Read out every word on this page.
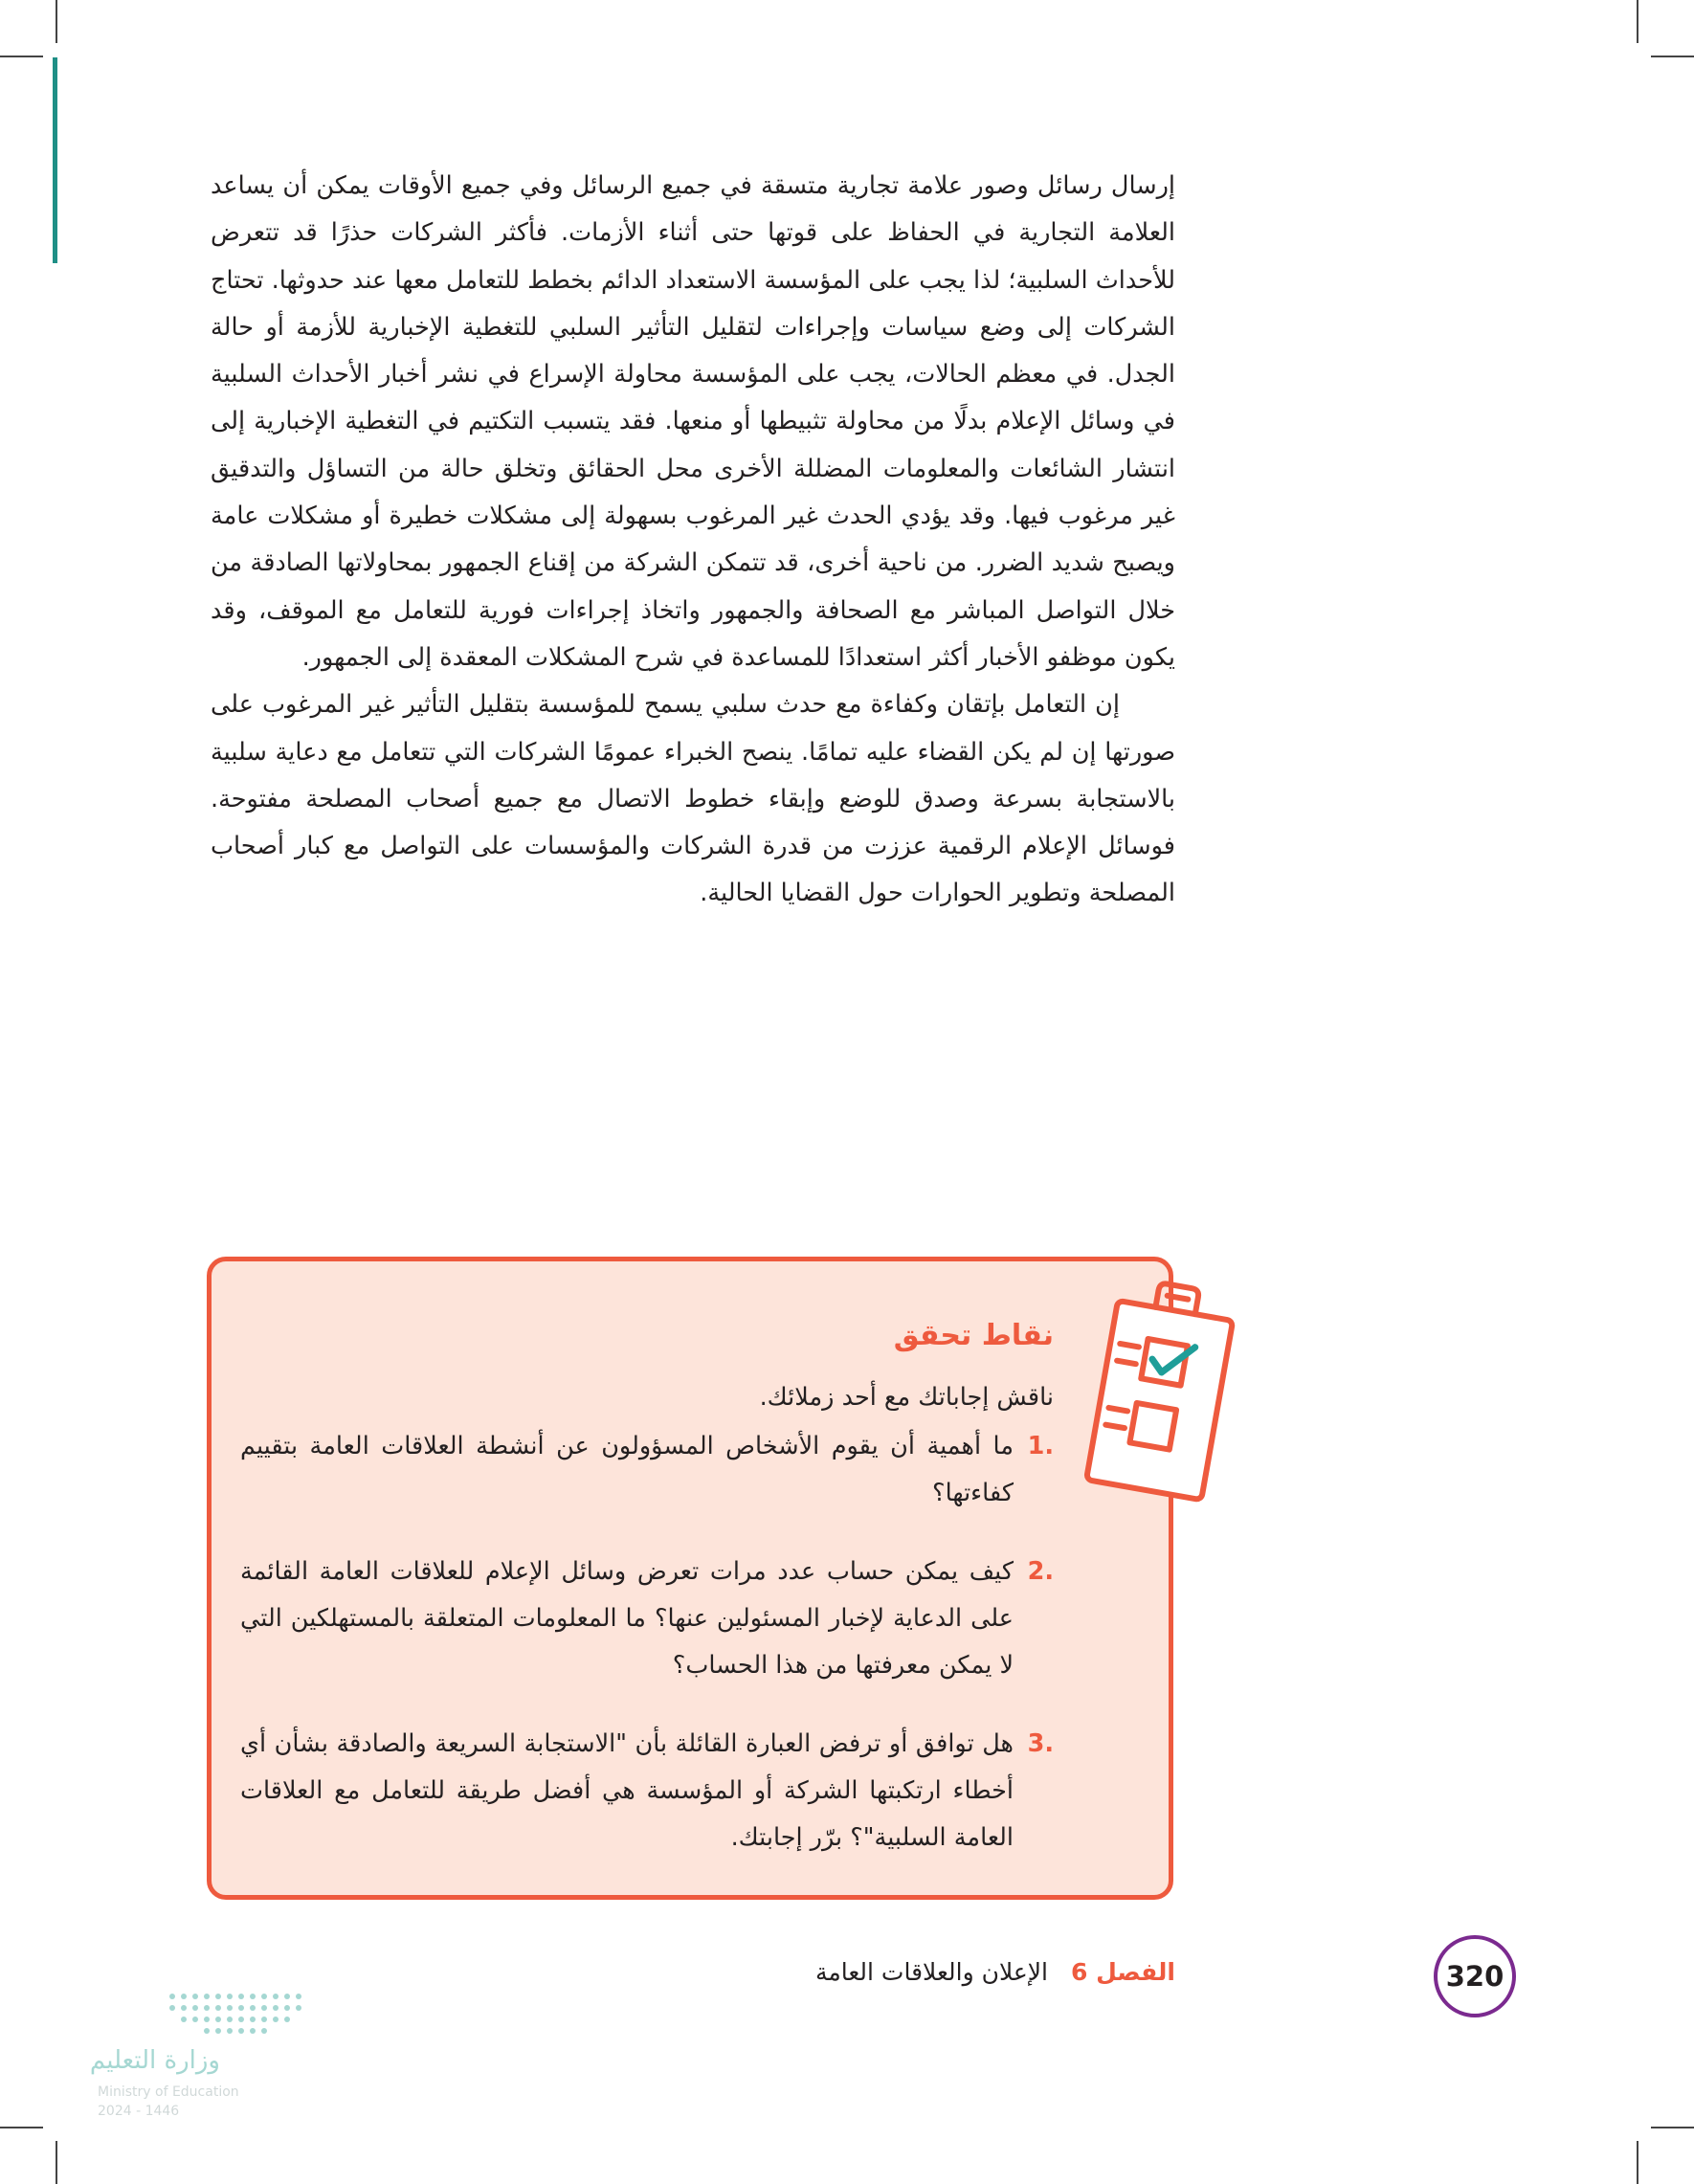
إرسال رسائل وصور علامة تجارية متسقة في جميع الرسائل وفي جميع الأوقات يمكن أن يساعد العلامة التجارية في الحفاظ على قوتها حتى أثناء الأزمات. فأكثر الشركات حذرًا قد تتعرض للأحداث السلبية؛ لذا يجب على المؤسسة الاستعداد الدائم بخطط للتعامل معها عند حدوثها. تحتاج الشركات إلى وضع سياسات وإجراءات لتقليل التأثير السلبي للتغطية الإخبارية للأزمة أو حالة الجدل. في معظم الحالات، يجب على المؤسسة محاولة الإسراع في نشر أخبار الأحداث السلبية في وسائل الإعلام بدلًا من محاولة تثبيطها أو منعها. فقد يتسبب التكتيم في التغطية الإخبارية إلى انتشار الشائعات والمعلومات المضللة الأخرى محل الحقائق وتخلق حالة من التساؤل والتدقيق غير مرغوب فيها. وقد يؤدي الحدث غير المرغوب بسهولة إلى مشكلات خطيرة أو مشكلات عامة ويصبح شديد الضرر. من ناحية أخرى، قد تتمكن الشركة من إقناع الجمهور بمحاولاتها الصادقة من خلال التواصل المباشر مع الصحافة والجمهور واتخاذ إجراءات فورية للتعامل مع الموقف، وقد يكون موظفو الأخبار أكثر استعدادًا للمساعدة في شرح المشكلات المعقدة إلى الجمهور.

إن التعامل بإتقان وكفاءة مع حدث سلبي يسمح للمؤسسة بتقليل التأثير غير المرغوب على صورتها إن لم يكن القضاء عليه تمامًا. ينصح الخبراء عمومًا الشركات التي تتعامل مع دعاية سلبية بالاستجابة بسرعة وصدق للوضع وإبقاء خطوط الاتصال مع جميع أصحاب المصلحة مفتوحة. فوسائل الإعلام الرقمية عززت من قدرة الشركات والمؤسسات على التواصل مع كبار أصحاب المصلحة وتطوير الحوارات حول القضايا الحالية.

نقاط تحقق
ناقش إجاباتك مع أحد زملائك.
.1
ما أهمية أن يقوم الأشخاص المسؤولون عن أنشطة العلاقات العامة بتقييم كفاءتها؟
.2
كيف يمكن حساب عدد مرات تعرض وسائل الإعلام للعلاقات العامة القائمة على الدعاية لإخبار المسئولين عنها؟ ما المعلومات المتعلقة بالمستهلكين التي لا يمكن معرفتها من هذا الحساب؟
.3
هل توافق أو ترفض العبارة القائلة بأن "الاستجابة السريعة والصادقة بشأن أي أخطاء ارتكبتها الشركة أو المؤسسة هي أفضل طريقة للتعامل مع العلاقات العامة السلبية"؟ برّر إجابتك.
320
الفصل 6الإعلان والعلاقات العامة
وزارة التعليم
Ministry of Education
2024 - 1446
